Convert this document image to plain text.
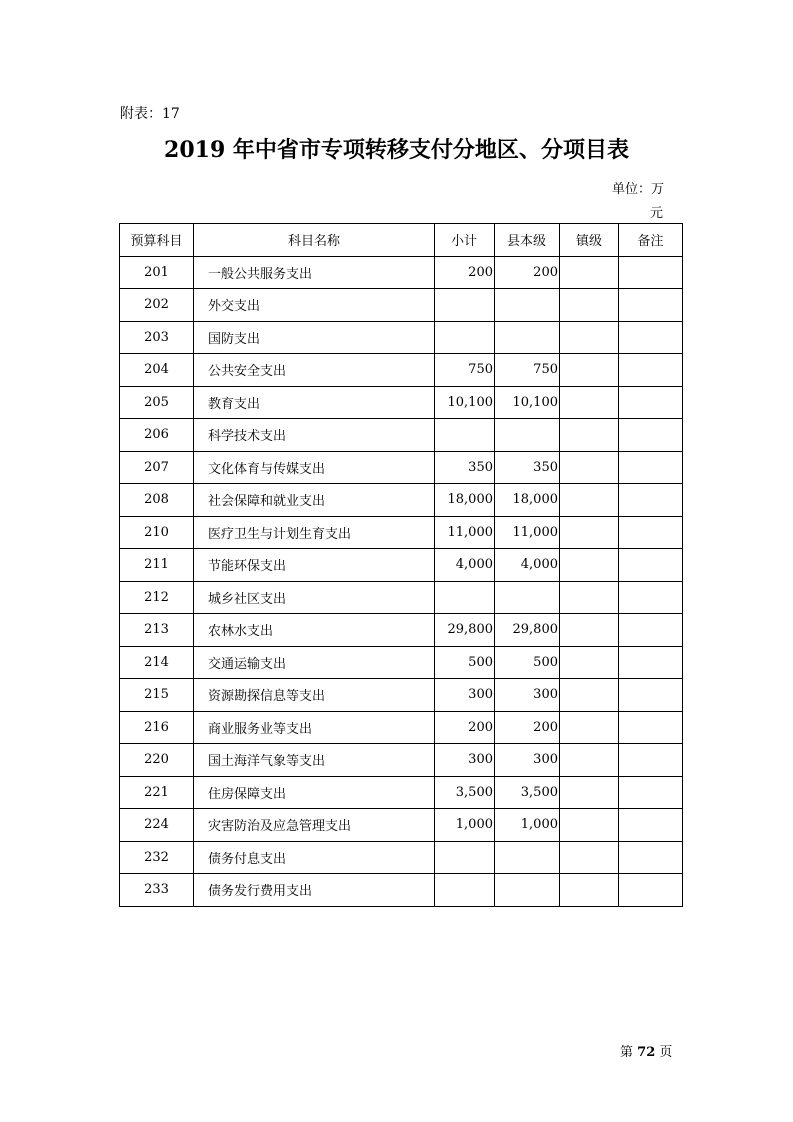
附表：17
2019 年中省市专项转移支付分地区、分项目表
单位：万
元
预算科目	科目名称	小计	县本级	镇级	备注
201	一般公共服务支出	200	200		
202	外交支出				
203	国防支出				
204	公共安全支出	750	750		
205	教育支出	10,100	10,100		
206	科学技术支出				
207	文化体育与传媒支出	350	350		
208	社会保障和就业支出	18,000	18,000		
210	医疗卫生与计划生育支出	11,000	11,000		
211	节能环保支出	4,000	4,000		
212	城乡社区支出				
213	农林水支出	29,800	29,800		
214	交通运输支出	500	500		
215	资源勘探信息等支出	300	300		
216	商业服务业等支出	200	200		
220	国土海洋气象等支出	300	300		
221	住房保障支出	3,500	3,500		
224	灾害防治及应急管理支出	1,000	1,000		
232	债务付息支出				
233	债务发行费用支出				
第 72 页
